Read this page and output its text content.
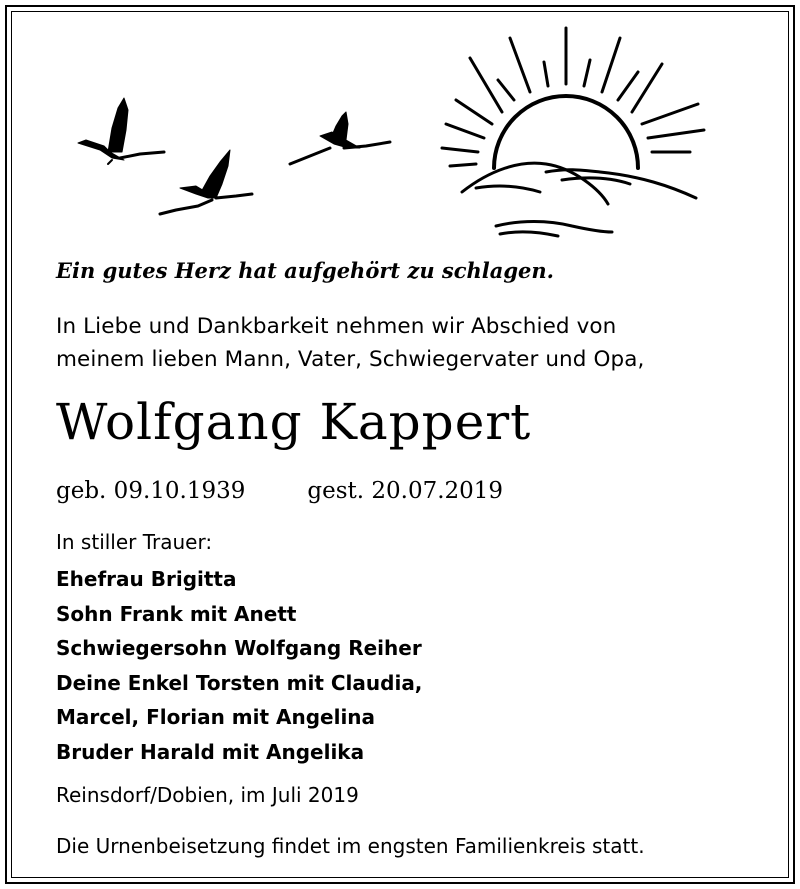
Ein gutes Herz hat aufgehört zu schlagen.
In Liebe und Dankbarkeit nehmen wir Abschied von
meinem lieben Mann, Vater, Schwiegervater und Opa,
Wolfgang Kappert
geb. 09.10.1939	gest. 20.07.2019
In stiller Trauer:
Ehefrau Brigitta
Sohn Frank mit Anett
Schwiegersohn Wolfgang Reiher
Deine Enkel Torsten mit Claudia,
Marcel, Florian mit Angelina
Bruder Harald mit Angelika
Reinsdorf/Dobien, im Juli 2019
Die Urnenbeisetzung findet im engsten Familienkreis statt.
